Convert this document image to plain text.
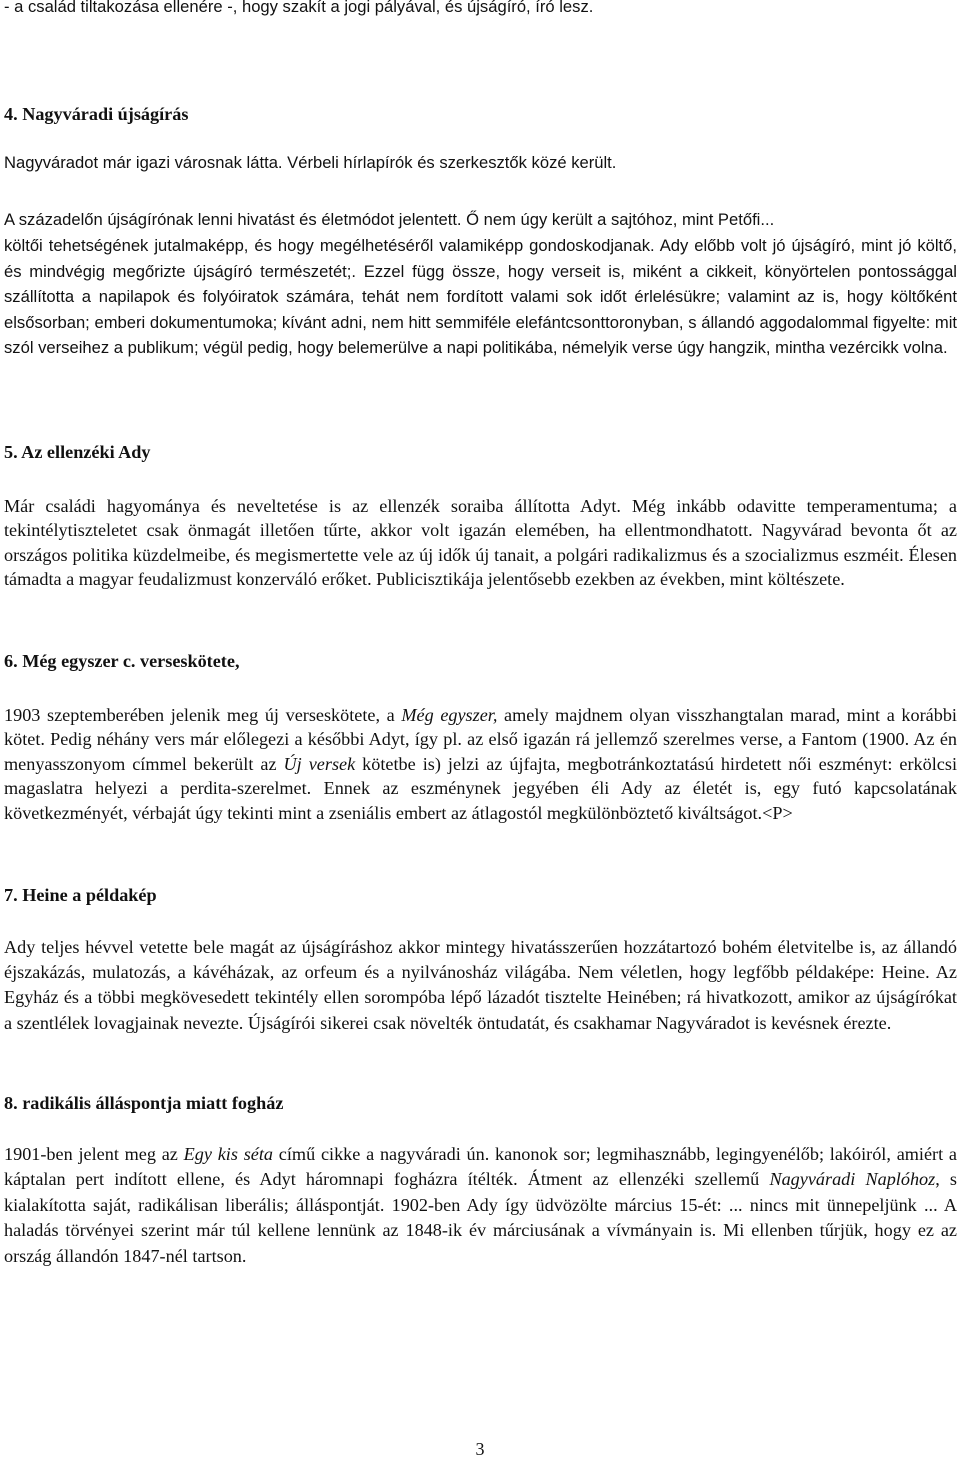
- a család tiltakozása ellenére -, hogy szakít a jogi pályával, és újságíró, író lesz.

4. Nagyváradi újságírás

Nagyváradot már igazi városnak látta. Vérbeli hírlapírók és szerkesztők közé került.

A századelőn újságírónak lenni hivatást és életmódot jelentett. Ő nem úgy került a sajtóhoz, mint Petőfi...

költői tehetségének jutalmaképp, és hogy megélhetéséről valamiképp gondoskodjanak. Ady előbb volt jó újságíró, mint jó költő, és mindvégig megőrizte újságíró természetét;. Ezzel függ össze, hogy verseit is, miként a cikkeit, könyörtelen pontossággal szállította a napilapok és folyóiratok számára, tehát nem fordított valami sok időt érlelésükre; valamint az is, hogy költőként elsősorban; emberi dokumentumoka; kívánt adni, nem hitt semmiféle elefántcsonttoronyban, s állandó aggodalommal figyelte: mit szól verseihez a publikum; végül pedig, hogy belemerülve a napi politikába, némelyik verse úgy hangzik, mintha vezércikk volna.

5. Az ellenzéki Ady

Már családi hagyománya és neveltetése is az ellenzék soraiba állította Adyt. Még inkább odavitte temperamentuma; a tekintélytiszteletet csak önmagát illetően tűrte, akkor volt igazán elemében, ha ellentmondhatott. Nagyvárad bevonta őt az országos politika küzdelmeibe, és megismertette vele az új idők új tanait, a polgári radikalizmus és a szocializmus eszméit. Élesen támadta a magyar feudalizmust konzerváló erőket. Publicisztikája jelentősebb ezekben az években, mint költészete.

6. Még egyszer c. verseskötete,

1903 szeptemberében jelenik meg új verseskötete, a Még egyszer, amely majdnem olyan visszhangtalan marad, mint a korábbi kötet. Pedig néhány vers már előlegezi a későbbi Adyt, így pl. az első igazán rá jellemző szerelmes verse, a Fantom (1900. Az én menyasszonyom címmel bekerült az Új versek kötetbe is) jelzi az újfajta, megbotránkoztatású hirdetett női eszményt: erkölcsi magaslatra helyezi a perdita-szerelmet. Ennek az eszménynek jegyében éli Ady az életét is, egy futó kapcsolatának következményét, vérbaját úgy tekinti mint a zseniális embert az átlagostól megkülönböztető kiváltságot.<P>

7. Heine a példakép

Ady teljes hévvel vetette bele magát az újságíráshoz akkor mintegy hivatásszerűen hozzátartozó bohém életvitelbe is, az állandó éjszakázás, mulatozás, a kávéházak, az orfeum és a nyilvánosház világába. Nem véletlen, hogy legfőbb példaképe: Heine. Az Egyház és a többi megkövesedett tekintély ellen sorompóba lépő lázadót tisztelte Heinében; rá hivatkozott, amikor az újságírókat a szentlélek lovagjainak nevezte. Újságírói sikerei csak növelték öntudatát, és csakhamar Nagyváradot is kevésnek érezte.

8. radikális álláspontja miatt fogház

1901-ben jelent meg az Egy kis séta című cikke a nagyváradi ún. kanonok sor; legmihasznább, legingyenélőb; lakóiról, amiért a káptalan pert indított ellene, és Adyt háromnapi fogházra ítélték. Átment az ellenzéki szellemű Nagyváradi Naplóhoz, s kialakította saját, radikálisan liberális; álláspontját. 1902-ben Ady így üdvözölte március 15-ét: ... nincs mit ünnepeljünk ... A haladás törvényei szerint már túl kellene lennünk az 1848-ik év márciusának a vívmányain is. Mi ellenben tűrjük, hogy ez az ország állandón 1847-nél tartson.

3
